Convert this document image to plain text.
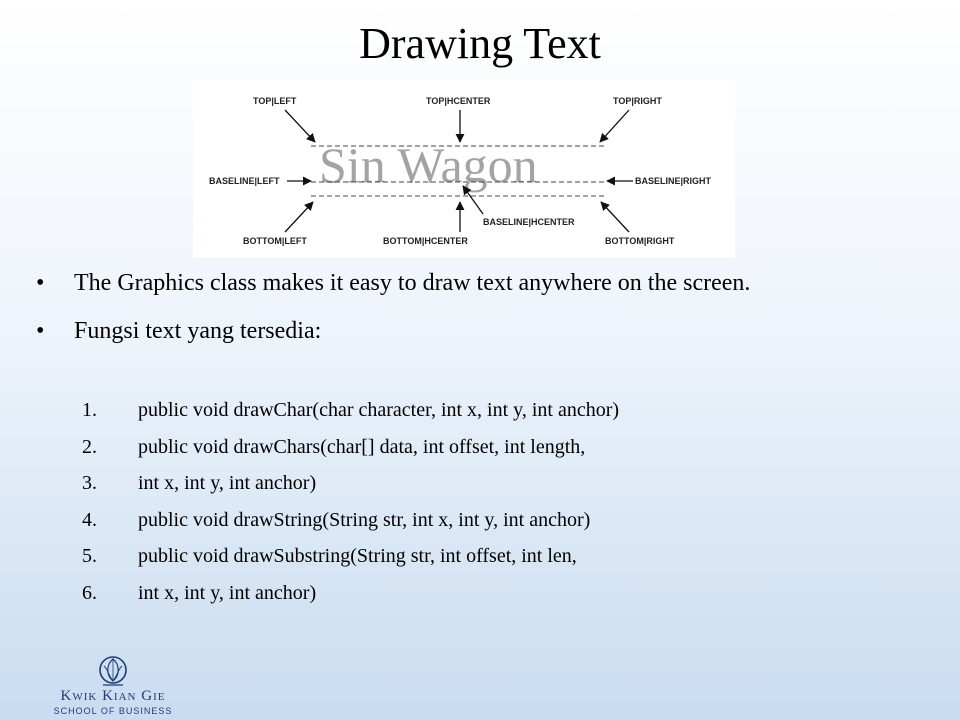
Drawing Text
Sin Wagon
TOP|LEFT	TOP|HCENTER	TOP|RIGHT
BASELINE|LEFT	BASELINE|RIGHT
BASELINE|HCENTER
BOTTOM|LEFT	BOTTOM|HCENTER	BOTTOM|RIGHT
• The Graphics class makes it easy to draw text anywhere on the screen.
• Fungsi text yang tersedia:
1. public void drawChar(char character, int x, int y, int anchor)
2. public void drawChars(char[] data, int offset, int length,
3. int x, int y, int anchor)
4. public void drawString(String str, int x, int y, int anchor)
5. public void drawSubstring(String str, int offset, int len,
6. int x, int y, int anchor)
Kwik Kian Gie
SCHOOL OF BUSINESS
